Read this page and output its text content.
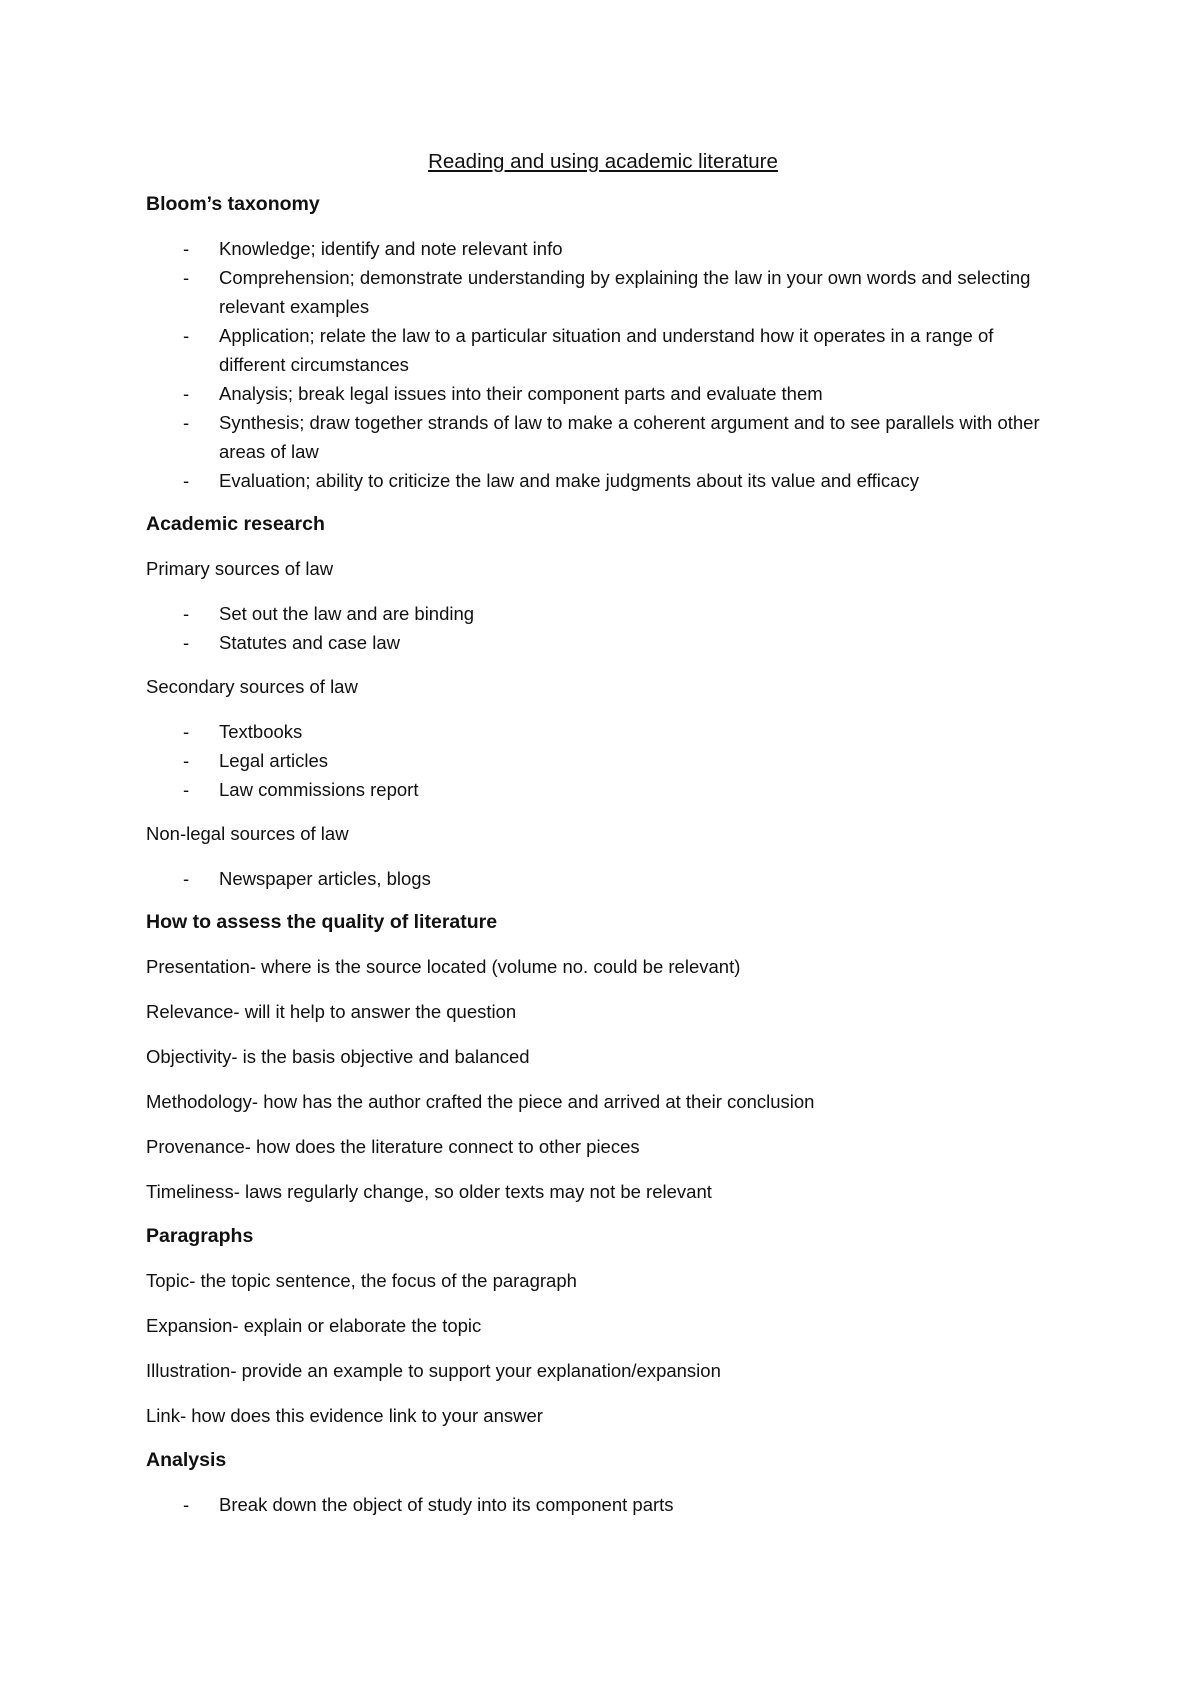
Reading and using academic literature
Bloom’s taxonomy
- Knowledge; identify and note relevant info
- Comprehension; demonstrate understanding by explaining the law in your own words and selecting relevant examples
- Application; relate the law to a particular situation and understand how it operates in a range of different circumstances
- Analysis; break legal issues into their component parts and evaluate them
- Synthesis; draw together strands of law to make a coherent argument and to see parallels with other areas of law
- Evaluation; ability to criticize the law and make judgments about its value and efficacy
Academic research
Primary sources of law
- Set out the law and are binding
- Statutes and case law
Secondary sources of law
- Textbooks
- Legal articles
- Law commissions report
Non-legal sources of law
- Newspaper articles, blogs
How to assess the quality of literature
Presentation- where is the source located (volume no. could be relevant)
Relevance- will it help to answer the question
Objectivity- is the basis objective and balanced
Methodology- how has the author crafted the piece and arrived at their conclusion
Provenance- how does the literature connect to other pieces
Timeliness- laws regularly change, so older texts may not be relevant
Paragraphs
Topic- the topic sentence, the focus of the paragraph
Expansion- explain or elaborate the topic
Illustration- provide an example to support your explanation/expansion
Link- how does this evidence link to your answer
Analysis
- Break down the object of study into its component parts
